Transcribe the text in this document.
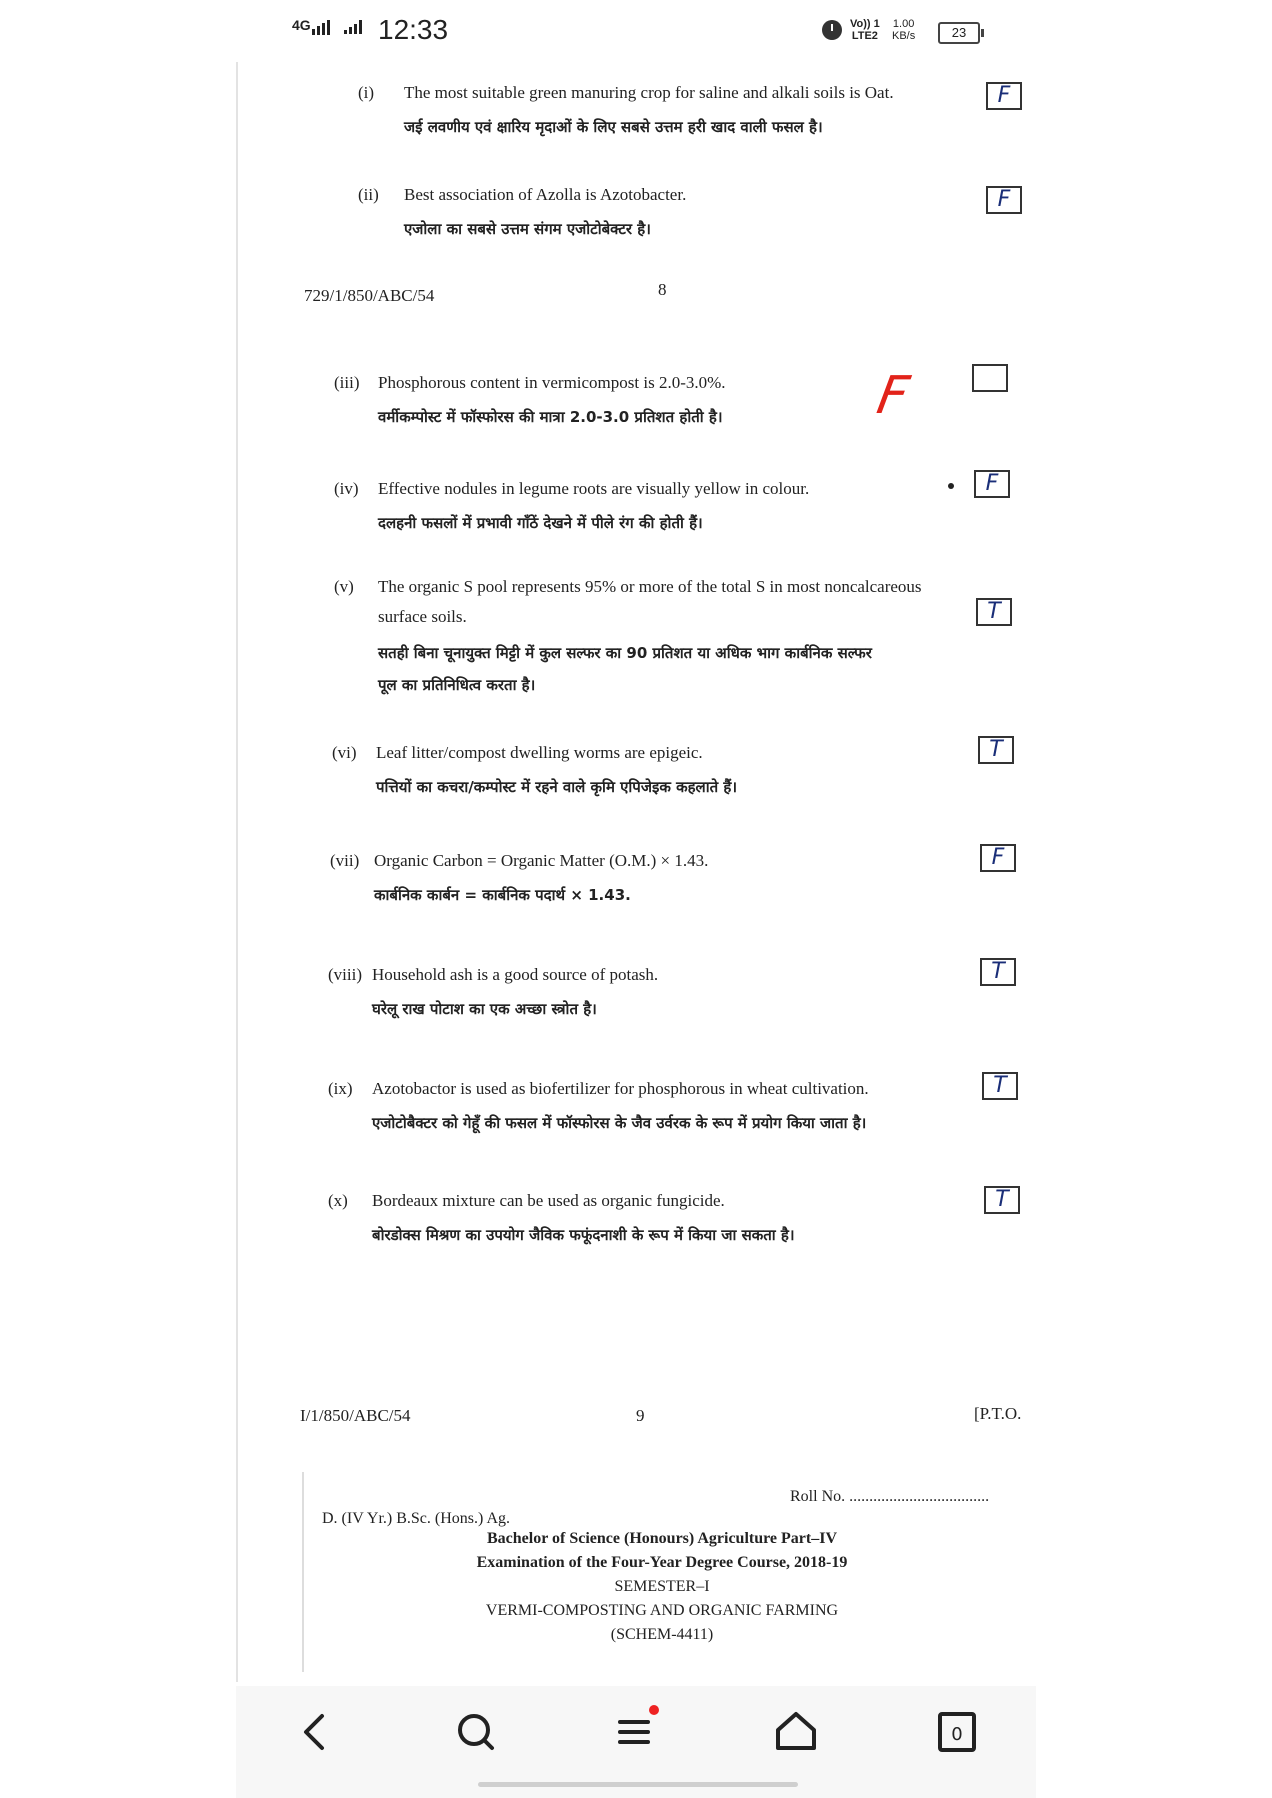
4G 12:33	Vo)) 1
LTE2
1.00
KB/s	23
(i) The most suitable green manuring crop for saline and alkali soils is Oat.
जई लवणीय एवं क्षारिय मृदाओं के लिए सबसे उत्तम हरी खाद वाली फसल है।
F
(ii) Best association of Azolla is Azotobacter.
एजोला का सबसे उत्तम संगम एजोटोबेक्टर है।
F
729/1/850/ABC/54	8
(iii) Phosphorous content in vermicompost is 2.0-3.0%.
वर्मीकम्पोस्ट में फॉस्फोरस की मात्रा 2.0-3.0 प्रतिशत होती है।	F
(iv) Effective nodules in legume roots are visually yellow in colour.
दलहनी फसलों में प्रभावी गाँठें देखने में पीले रंग की होती हैं।
F
(v) The organic S pool represents 95% or more of the total S in most noncalcareous
surface soils.
सतही बिना चूनायुक्त मिट्टी में कुल सल्फर का 90 प्रतिशत या अधिक भाग कार्बनिक सल्फर
पूल का प्रतिनिधित्व करता है।
T
(vi) Leaf litter/compost dwelling worms are epigeic.
पत्तियों का कचरा/कम्पोस्ट में रहने वाले कृमि एपिजेइक कहलाते हैं।
T
(vii) Organic Carbon = Organic Matter (O.M.) × 1.43.
कार्बनिक कार्बन = कार्बनिक पदार्थ × 1.43.
F
(viii) Household ash is a good source of potash.
घरेलू राख पोटाश का एक अच्छा स्त्रोत है।
T
(ix) Azotobactor is used as biofertilizer for phosphorous in wheat cultivation.
एजोटोबैक्टर को गेहूँ की फसल में फॉस्फोरस के जैव उर्वरक के रूप में प्रयोग किया जाता है।
T
(x) Bordeaux mixture can be used as organic fungicide.
बोरडोक्स मिश्रण का उपयोग जैविक फफूंदनाशी के रूप में किया जा सकता है।
T
Ι/1/850/ABC/54	9	[P.T.O.
Roll No. ...................................
D. (IV Yr.) B.Sc. (Hons.) Ag.
Bachelor of Science (Honours) Agriculture Part–IV
Examination of the Four-Year Degree Course, 2018-19
SEMESTER–I
VERMI-COMPOSTING AND ORGANIC FARMING
(SCHEM-4411)
0
